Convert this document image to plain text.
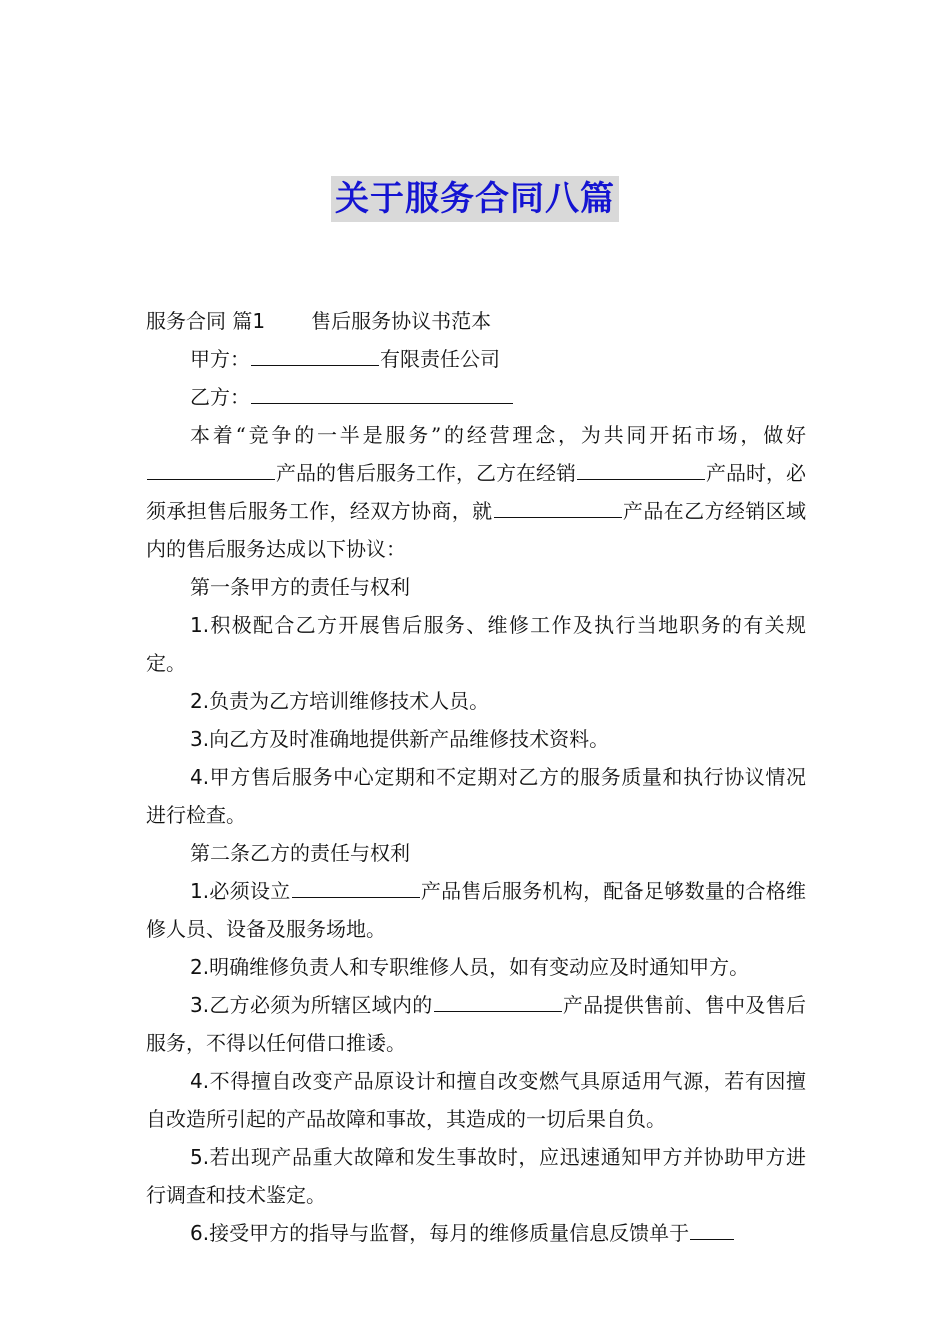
关于服务合同八篇

服务合同 篇1 售后服务协议书范本

甲方：	有限责任公司

乙方：

本着“竞争的一半是服务”的经营理念，为共同开拓市场，做好产品的售后服务工作，乙方在经销	产品时，必须承担售后服务工作，经双方协商，就	产品在乙方经销区域内的售后服务达成以下协议：

第一条甲方的责任与权利

1.积极配合乙方开展售后服务、维修工作及执行当地职务的有关规定。

2.负责为乙方培训维修技术人员。

3.向乙方及时准确地提供新产品维修技术资料。

4.甲方售后服务中心定期和不定期对乙方的服务质量和执行协议情况进行检查。

第二条乙方的责任与权利

1.必须设立	产品售后服务机构，配备足够数量的合格维修人员、设备及服务场地。

2.明确维修负责人和专职维修人员，如有变动应及时通知甲方。

3.乙方必须为所辖区域内的	产品提供售前、售中及售后服务，不得以任何借口推诿。

4.不得擅自改变产品原设计和擅自改变燃气具原适用气源，若有因擅自改造所引起的产品故障和事故，其造成的一切后果自负。

5.若出现产品重大故障和发生事故时，应迅速通知甲方并协助甲方进行调查和技术鉴定。

6.接受甲方的指导与监督，每月的维修质量信息反馈单于
